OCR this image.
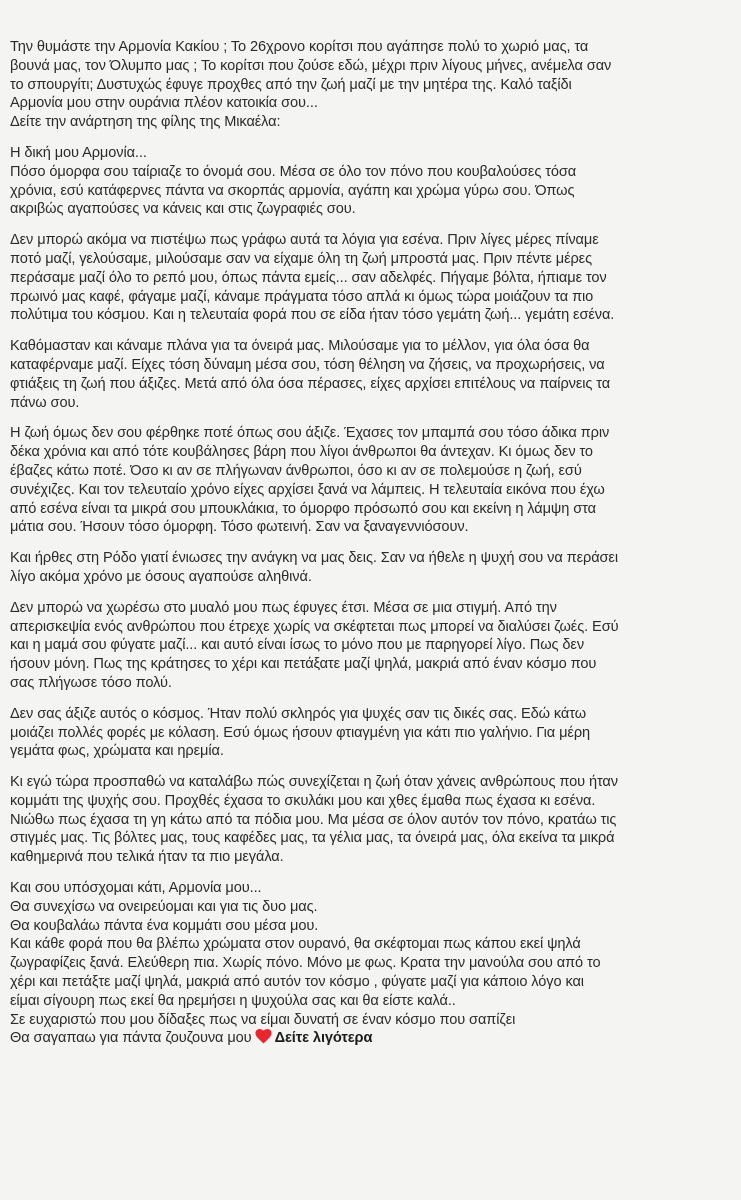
Την θυμάστε την Αρμονία Κακίου ; Το 26χρονο κορίτσι που αγάπησε πολύ το χωριό μας, τα
βουνά μας, τον Όλυμπο μας ; Το κορίτσι που ζούσε εδώ, μέχρι πριν λίγους μήνες, ανέμελα σαν
το σπουργίτι; Δυστυχώς έφυγε προχθες από την ζωή μαζί με την μητέρα της. Καλό ταξίδι
Αρμονία μου στην ουράνια πλέον κατοικία σου...
Δείτε την ανάρτηση της φίλης της Μικαέλα:
Η δική μου Αρμονία...
Πόσο όμορφα σου ταίριαζε το όνομά σου. Μέσα σε όλο τον πόνο που κουβαλούσες τόσα
χρόνια, εσύ κατάφερνες πάντα να σκορπάς αρμονία, αγάπη και χρώμα γύρω σου. Όπως
ακριβώς αγαπούσες να κάνεις και στις ζωγραφιές σου.
Δεν μπορώ ακόμα να πιστέψω πως γράφω αυτά τα λόγια για εσένα. Πριν λίγες μέρες πίναμε
ποτό μαζί, γελούσαμε, μιλούσαμε σαν να είχαμε όλη τη ζωή μπροστά μας. Πριν πέντε μέρες
περάσαμε μαζί όλο το ρεπό μου, όπως πάντα εμείς... σαν αδελφές. Πήγαμε βόλτα, ήπιαμε τον
πρωινό μας καφέ, φάγαμε μαζί, κάναμε πράγματα τόσο απλά κι όμως τώρα μοιάζουν τα πιο
πολύτιμα του κόσμου. Και η τελευταία φορά που σε είδα ήταν τόσο γεμάτη ζωή... γεμάτη εσένα.
Καθόμασταν και κάναμε πλάνα για τα όνειρά μας. Μιλούσαμε για το μέλλον, για όλα όσα θα
καταφέρναμε μαζί. Είχες τόση δύναμη μέσα σου, τόση θέληση να ζήσεις, να προχωρήσεις, να
φτιάξεις τη ζωή που άξιζες. Μετά από όλα όσα πέρασες, είχες αρχίσει επιτέλους να παίρνεις τα
πάνω σου.
Η ζωή όμως δεν σου φέρθηκε ποτέ όπως σου άξιζε. Έχασες τον μπαμπά σου τόσο άδικα πριν
δέκα χρόνια και από τότε κουβάλησες βάρη που λίγοι άνθρωποι θα άντεχαν. Κι όμως δεν το
έβαζες κάτω ποτέ. Όσο κι αν σε πλήγωναν άνθρωποι, όσο κι αν σε πολεμούσε η ζωή, εσύ
συνέχιζες. Και τον τελευταίο χρόνο είχες αρχίσει ξανά να λάμπεις. Η τελευταία εικόνα που έχω
από εσένα είναι τα μικρά σου μπουκλάκια, το όμορφο πρόσωπό σου και εκείνη η λάμψη στα
μάτια σου. Ήσουν τόσο όμορφη. Τόσο φωτεινή. Σαν να ξαναγεννιόσουν.
Και ήρθες στη Ρόδο γιατί ένιωσες την ανάγκη να μας δεις. Σαν να ήθελε η ψυχή σου να περάσει
λίγο ακόμα χρόνο με όσους αγαπούσε αληθινά.
Δεν μπορώ να χωρέσω στο μυαλό μου πως έφυγες έτσι. Μέσα σε μια στιγμή. Από την
απερισκεψία ενός ανθρώπου που έτρεχε χωρίς να σκέφτεται πως μπορεί να διαλύσει ζωές. Εσύ
και η μαμά σου φύγατε μαζί... και αυτό είναι ίσως το μόνο που με παρηγορεί λίγο. Πως δεν
ήσουν μόνη. Πως της κράτησες το χέρι και πετάξατε μαζί ψηλά, μακριά από έναν κόσμο που
σας πλήγωσε τόσο πολύ.
Δεν σας άξιζε αυτός ο κόσμος. Ήταν πολύ σκληρός για ψυχές σαν τις δικές σας. Εδώ κάτω
μοιάζει πολλές φορές με κόλαση. Εσύ όμως ήσουν φτιαγμένη για κάτι πιο γαλήνιο. Για μέρη
γεμάτα φως, χρώματα και ηρεμία.
Κι εγώ τώρα προσπαθώ να καταλάβω πώς συνεχίζεται η ζωή όταν χάνεις ανθρώπους που ήταν
κομμάτι της ψυχής σου. Προχθές έχασα το σκυλάκι μου και χθες έμαθα πως έχασα κι εσένα.
Νιώθω πως έχασα τη γη κάτω από τα πόδια μου. Μα μέσα σε όλον αυτόν τον πόνο, κρατάω τις
στιγμές μας. Τις βόλτες μας, τους καφέδες μας, τα γέλια μας, τα όνειρά μας, όλα εκείνα τα μικρά
καθημερινά που τελικά ήταν τα πιο μεγάλα.
Και σου υπόσχομαι κάτι, Αρμονία μου...
Θα συνεχίσω να ονειρεύομαι και για τις δυο μας.
Θα κουβαλάω πάντα ένα κομμάτι σου μέσα μου.
Και κάθε φορά που θα βλέπω χρώματα στον ουρανό, θα σκέφτομαι πως κάπου εκεί ψηλά
ζωγραφίζεις ξανά. Ελεύθερη πια. Χωρίς πόνο. Μόνο με φως. Κρατα την μανούλα σου από το
χέρι και πετάξτε μαζί ψηλά, μακριά από αυτόν τον κόσμο , φύγατε μαζί για κάποιο λόγο και
είμαι σίγουρη πως εκεί θα ηρεμήσει η ψυχούλα σας και θα είστε καλά..
Σε ευχαριστώ που μου δίδαξες πως να είμαι δυνατή σε έναν κόσμο που σαπίζει
Θα σαγαπαω για πάντα ζουζουνα μου Δείτε λιγότερα
